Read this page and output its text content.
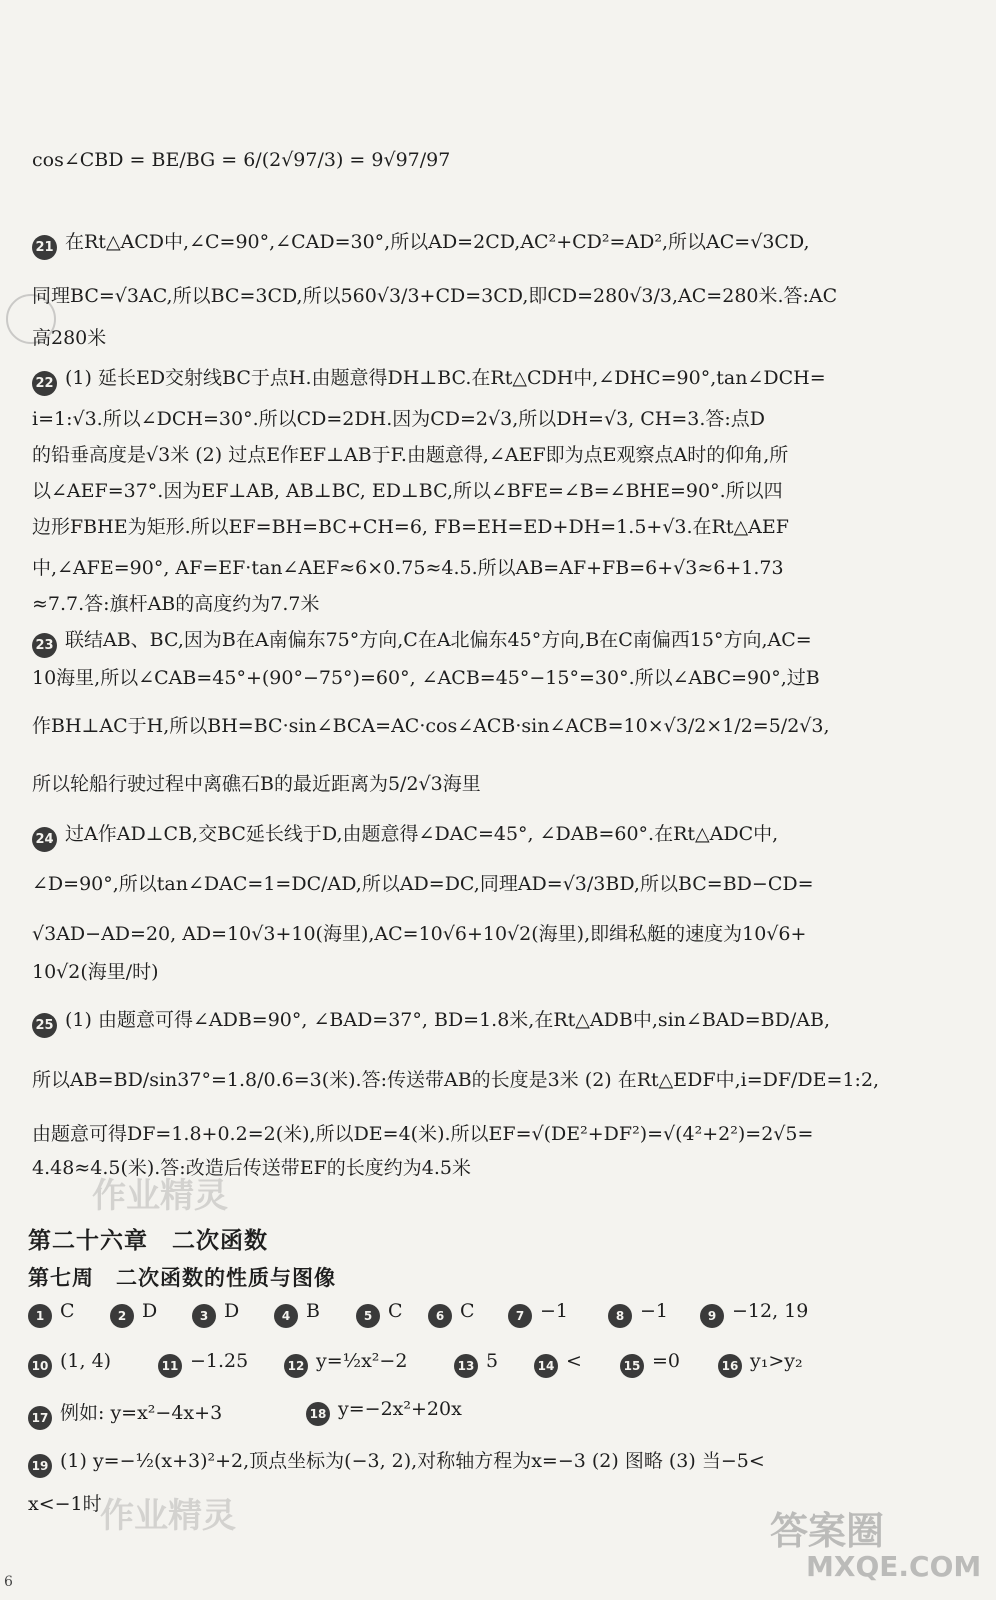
cos∠CBD = BE/BG = 6/(2√97/3) = 9√97/97
21 在Rt△ACD中,∠C=90°,∠CAD=30°,所以AD=2CD,AC²+CD²=AD²,所以AC=√3CD,
同理BC=√3AC,所以BC=3CD,所以560√3/3+CD=3CD,即CD=280√3/3,AC=280米.答:AC
高280米
22 (1) 延长ED交射线BC于点H.由题意得DH⊥BC.在Rt△CDH中,∠DHC=90°,tan∠DCH=
i=1:√3.所以∠DCH=30°.所以CD=2DH.因为CD=2√3,所以DH=√3, CH=3.答:点D
的铅垂高度是√3米 (2) 过点E作EF⊥AB于F.由题意得,∠AEF即为点E观察点A时的仰角,所
以∠AEF=37°.因为EF⊥AB, AB⊥BC, ED⊥BC,所以∠BFE=∠B=∠BHE=90°.所以四
边形FBHE为矩形.所以EF=BH=BC+CH=6, FB=EH=ED+DH=1.5+√3.在Rt△AEF
中,∠AFE=90°, AF=EF·tan∠AEF≈6×0.75≈4.5.所以AB=AF+FB=6+√3≈6+1.73
≈7.7.答:旗杆AB的高度约为7.7米
23 联结AB、BC,因为B在A南偏东75°方向,C在A北偏东45°方向,B在C南偏西15°方向,AC=
10海里,所以∠CAB=45°+(90°−75°)=60°, ∠ACB=45°−15°=30°.所以∠ABC=90°,过B
作BH⊥AC于H,所以BH=BC·sin∠BCA=AC·cos∠ACB·sin∠ACB=10×√3/2×1/2=5/2√3,
所以轮船行驶过程中离礁石B的最近距离为5/2√3海里
24 过A作AD⊥CB,交BC延长线于D,由题意得∠DAC=45°, ∠DAB=60°.在Rt△ADC中,
∠D=90°,所以tan∠DAC=1=DC/AD,所以AD=DC,同理AD=√3/3BD,所以BC=BD−CD=
√3AD−AD=20, AD=10√3+10(海里),AC=10√6+10√2(海里),即缉私艇的速度为10√6+
10√2(海里/时)
25 (1) 由题意可得∠ADB=90°, ∠BAD=37°, BD=1.8米,在Rt△ADB中,sin∠BAD=BD/AB,
所以AB=BD/sin37°=1.8/0.6=3(米).答:传送带AB的长度是3米 (2) 在Rt△EDF中,i=DF/DE=1:2,
由题意可得DF=1.8+0.2=2(米),所以DE=4(米).所以EF=√(DE²+DF²)=√(4²+2²)=2√5=
4.48≈4.5(米).答:改造后传送带EF的长度约为4.5米
作业精灵
第二十六章　二次函数
第七周　二次函数的性质与图像
1 C	2 D	3 D	4 B	5 C	6 C	7 −1	8 −1	9 −12, 19
10 (1, 4)	11 −1.25	12 y=½x²−2	13 5	14 <	15 =0	16 y₁>y₂
17 例如: y=x²−4x+3	18 y=−2x²+20x
19 (1) y=−½(x+3)²+2,顶点坐标为(−3, 2),对称轴方程为x=−3 (2) 图略 (3) 当−5<
x<−1时
作业精灵	答案圈
MXQE.COM
6
